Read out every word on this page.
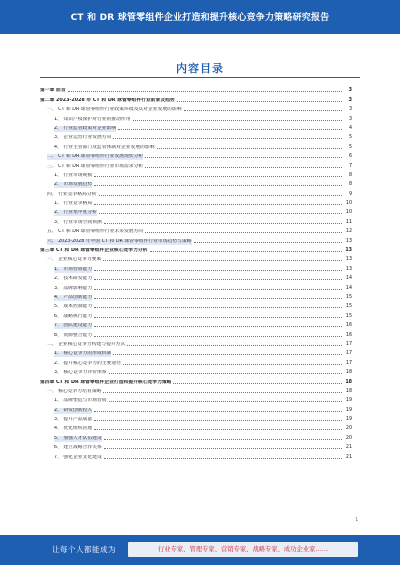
CT 和 DR 球管零组件企业打造和提升核心竞争力策略研究报告
内容目录
第一章 前言	3
第二章 2023-2028 年 CT 和 DR 球管零组件行业前景及趋势	3
一、 CT 和 DR 球管零组件行业政策环境及其对企业发展的影响	3
1、 知识产权保护对行业的推动作用	3
2、 行业监管政策对企业影响	4
3、 企业运营行业发展方向	5
4、 行业主管部门及监管体制对企业发展的影响	5
二、 CT 和 DR 球管零组件行业发展现状分析	6
三、 CT 和 DR 球管零组件行业市场需求分析	7
1、 行业市场规模	8
2、 市场发展趋势	8
四、 行业竞争格局分析	9
1、 行业竞争格局	10
2、 行业集中度分析	10
3、 行业市场空间预测	11
五、 CT 和 DR 球管零组件行业未来发展方向	12
六、 2023-2028 年中国 CT 和 DR 球管零组件行业市场趋势与策略	13
第三章 CT 和 DR 球管零组件企业核心竞争力分析	13
一、 企业核心竞争力要素	13
1、 市场营销能力	13
2、 技术研发能力	14
3、 品牌影响能力	14
4、 产品创新能力	15
5、 成本控制能力	15
6、 战略执行能力	15
7、 团队建设能力	16
8、 资源整合能力	16
二、 企业核心竞争力构建与提升方式	17
1、 核心竞争力的形成机制	17
2、 提升核心竞争力的主要途径	17
3、 核心竞争力评价体系	18
第四章 CT 和 DR 球管零组件企业打造和提升核心竞争力策略	18
一、 核心竞争力培育策略	18
1、 品牌塑造与市场营销	19
2、 研发创新投入	19
3、 提升产品质量	19
4、 优化组织管理	20
5、 加强人才队伍建设	20
6、 建立战略合作关系	21
7、 强化企业文化建设	21
1
让每个人都能成为	行业专家、管理专家、营销专家、战略专家、成功企业家……
